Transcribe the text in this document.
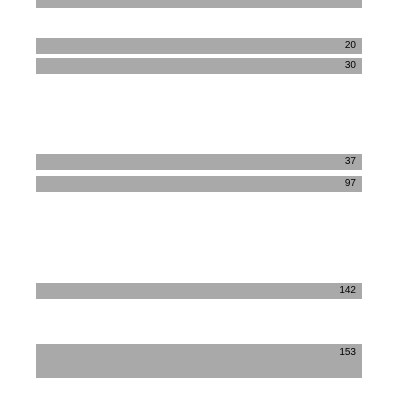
20
30
37
97
142
153
